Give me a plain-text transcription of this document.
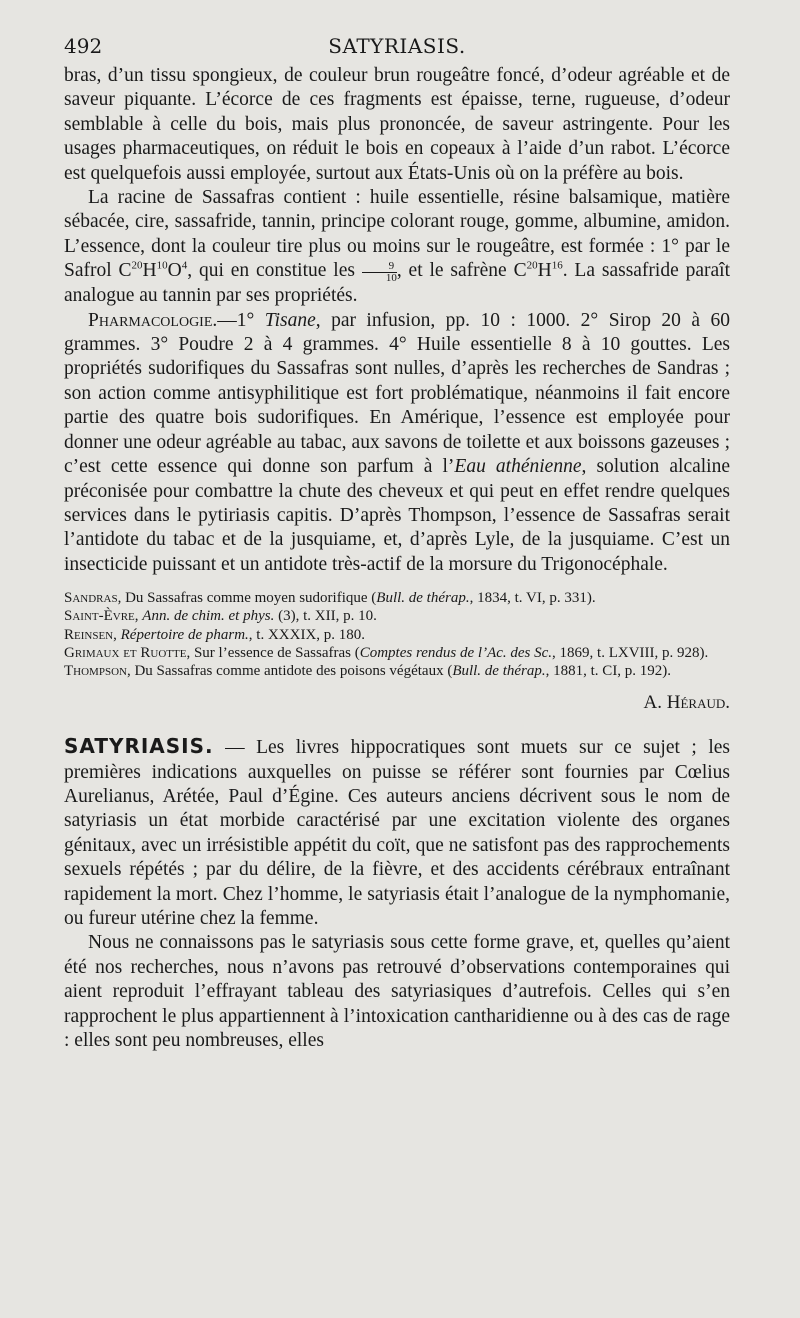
492	SATYRIASIS.

bras, d’un tissu spongieux, de couleur brun rougeâtre foncé, d’odeur agréable et de saveur piquante. L’écorce de ces fragments est épaisse, terne, rugueuse, d’odeur semblable à celle du bois, mais plus prononcée, de saveur astringente. Pour les usages pharmaceutiques, on réduit le bois en copeaux à l’aide d’un rabot. L’écorce est quelquefois aussi employée, surtout aux États-Unis où on la préfère au bois.

La racine de Sassafras contient : huile essentielle, résine balsamique, matière sébacée, cire, sassafride, tannin, principe colorant rouge, gomme, albumine, amidon. L’essence, dont la couleur tire plus ou moins sur le rougeâtre, est formée : 1° par le Safrol $C^{20}H^{10}O^4$, qui en constitue les $\frac{9}{10}$ , et le safrène $C^{20}H^{16}$. La sassafride paraît analogue au tannin par ses propriétés.

Pharmacologie.—1° Tisane, par infusion, pp. 10 : 1000. 2° Sirop 20 à 60 grammes. 3° Poudre 2 à 4 grammes. 4° Huile essentielle 8 à 10 gouttes. Les propriétés sudorifiques du Sassafras sont nulles, d’après les recherches de Sandras ; son action comme antisyphilitique est fort problématique, néanmoins il fait encore partie des quatre bois sudorifiques. En Amérique, l’essence est employée pour donner une odeur agréable au tabac, aux savons de toilette et aux boissons gazeuses ; c’est cette essence qui donne son parfum à l’Eau athénienne, solution alcaline préconisée pour combattre la chute des cheveux et qui peut en effet rendre quelques services dans le pytiriasis capitis. D’après Thompson, l’essence de Sassafras serait l’antidote du tabac et de la jusquiame, et, d’après Lyle, de la jusquiame. C’est un insecticide puissant et un antidote très-actif de la morsure du Trigonocéphale.

Sandras, Du Sassafras comme moyen sudorifique (Bull. de thérap., 1834, t. VI, p. 331).

Saint-Èvre, Ann. de chim. et phys. (3), t. XII, p. 10.

Reinsen, Répertoire de pharm., t. XXXIX, p. 180.

Grimaux et Ruotte, Sur l’essence de Sassafras (Comptes rendus de l’Ac. des Sc., 1869, t. LXVIII, p. 928).

Thompson, Du Sassafras comme antidote des poisons végétaux (Bull. de thérap., 1881, t. CI, p. 192).

A. Héraud.

SATYRIASIS. — Les livres hippocratiques sont muets sur ce sujet ; les premières indications auxquelles on puisse se référer sont fournies par Cœlius Aurelianus, Arétée, Paul d’Égine. Ces auteurs anciens décrivent sous le nom de satyriasis un état morbide caractérisé par une excitation violente des organes génitaux, avec un irrésistible appétit du coït, que ne satisfont pas des rapprochements sexuels répétés ; par du délire, de la fièvre, et des accidents cérébraux entraînant rapidement la mort. Chez l’homme, le satyriasis était l’analogue de la nymphomanie, ou fureur utérine chez la femme.

Nous ne connaissons pas le satyriasis sous cette forme grave, et, quelles qu’aient été nos recherches, nous n’avons pas retrouvé d’observations contemporaines qui aient reproduit l’effrayant tableau des satyriasiques d’autrefois. Celles qui s’en rapprochent le plus appartiennent à l’intoxication cantharidienne ou à des cas de rage : elles sont peu nombreuses, elles
